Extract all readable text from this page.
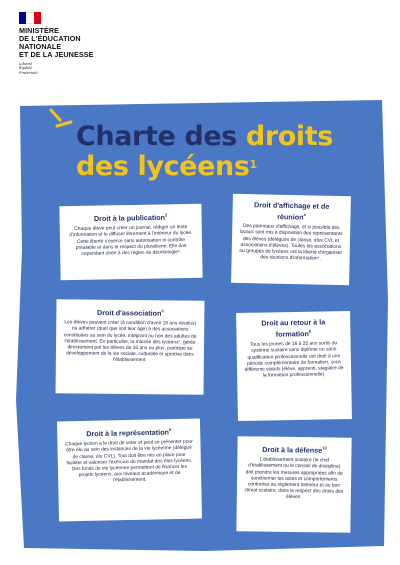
MINISTÈRE
DE L'ÉDUCATION
NATIONALE
ET DE LA JEUNESSE
Liberté
Égalité
Fraternité
Charte des droits
des lycéens$^1$
Droit à la publication$^2$

Chaque élève peut créer un journal, rédiger un texte d'information et le diffuser librement à l'intérieur du lycée. Cette liberté s'exerce sans autorisation ni contrôle préalable et dans le respect du pluralisme. Elle doit cependant obéir à des règles de déontologie³.

Droit d'affichage et de réunion$^4$

Des panneaux d'affichage, et si possible des locaux sont mis à disposition des représentants des élèves (délégués de classe, élus CVL et associations d'élèves). Toutes les associations ou groupes de lycéens ont la liberté d'organiser des réunions d'information⁵.

Droit d'association$^6$

Les élèves peuvent créer (à condition d'avoir 16 ans révolus) ou adhérer (quel que soit leur âge) à des associations constituées au sein du lycée, intégrant ou non des adultes de l'établissement. En particulier, la maison des lycéens⁷, gérée directement par les élèves de 16 ans ou plus, participe au développement de la vie sociale, culturelle et sportive dans l'établissement.

Droit au retour à la formation$^8$

Tous les jeunes de 16 à 25 ans sortis du système scolaire sans diplôme ou sans qualification professionnelle ont droit à une période complémentaire de formation, sous différents statuts (élève, apprenti, stagiaire de la formation professionnelle).

Droit à la représentation$^9$

Chaque lycéen a le droit de voter et peut se présenter pour être élu au sein des instances de la vie lycéenne (délégué de classe, élu CVL). Tout doit être mis en place pour faciliter et valoriser l'exercice du mandat des élus lycéens. Des fonds de vie lycéenne permettent de financer les projets lycéens, aux niveaux académique et de l'établissement.

Droit à la défense$^{10}$

L'établissement scolaire (le chef d'établissement ou le conseil de discipline) doit prendre les mesures appropriées afin de sanctionner les actes et comportements contraires au règlement intérieur et au bon climat scolaire, dans le respect des droits des élèves.
